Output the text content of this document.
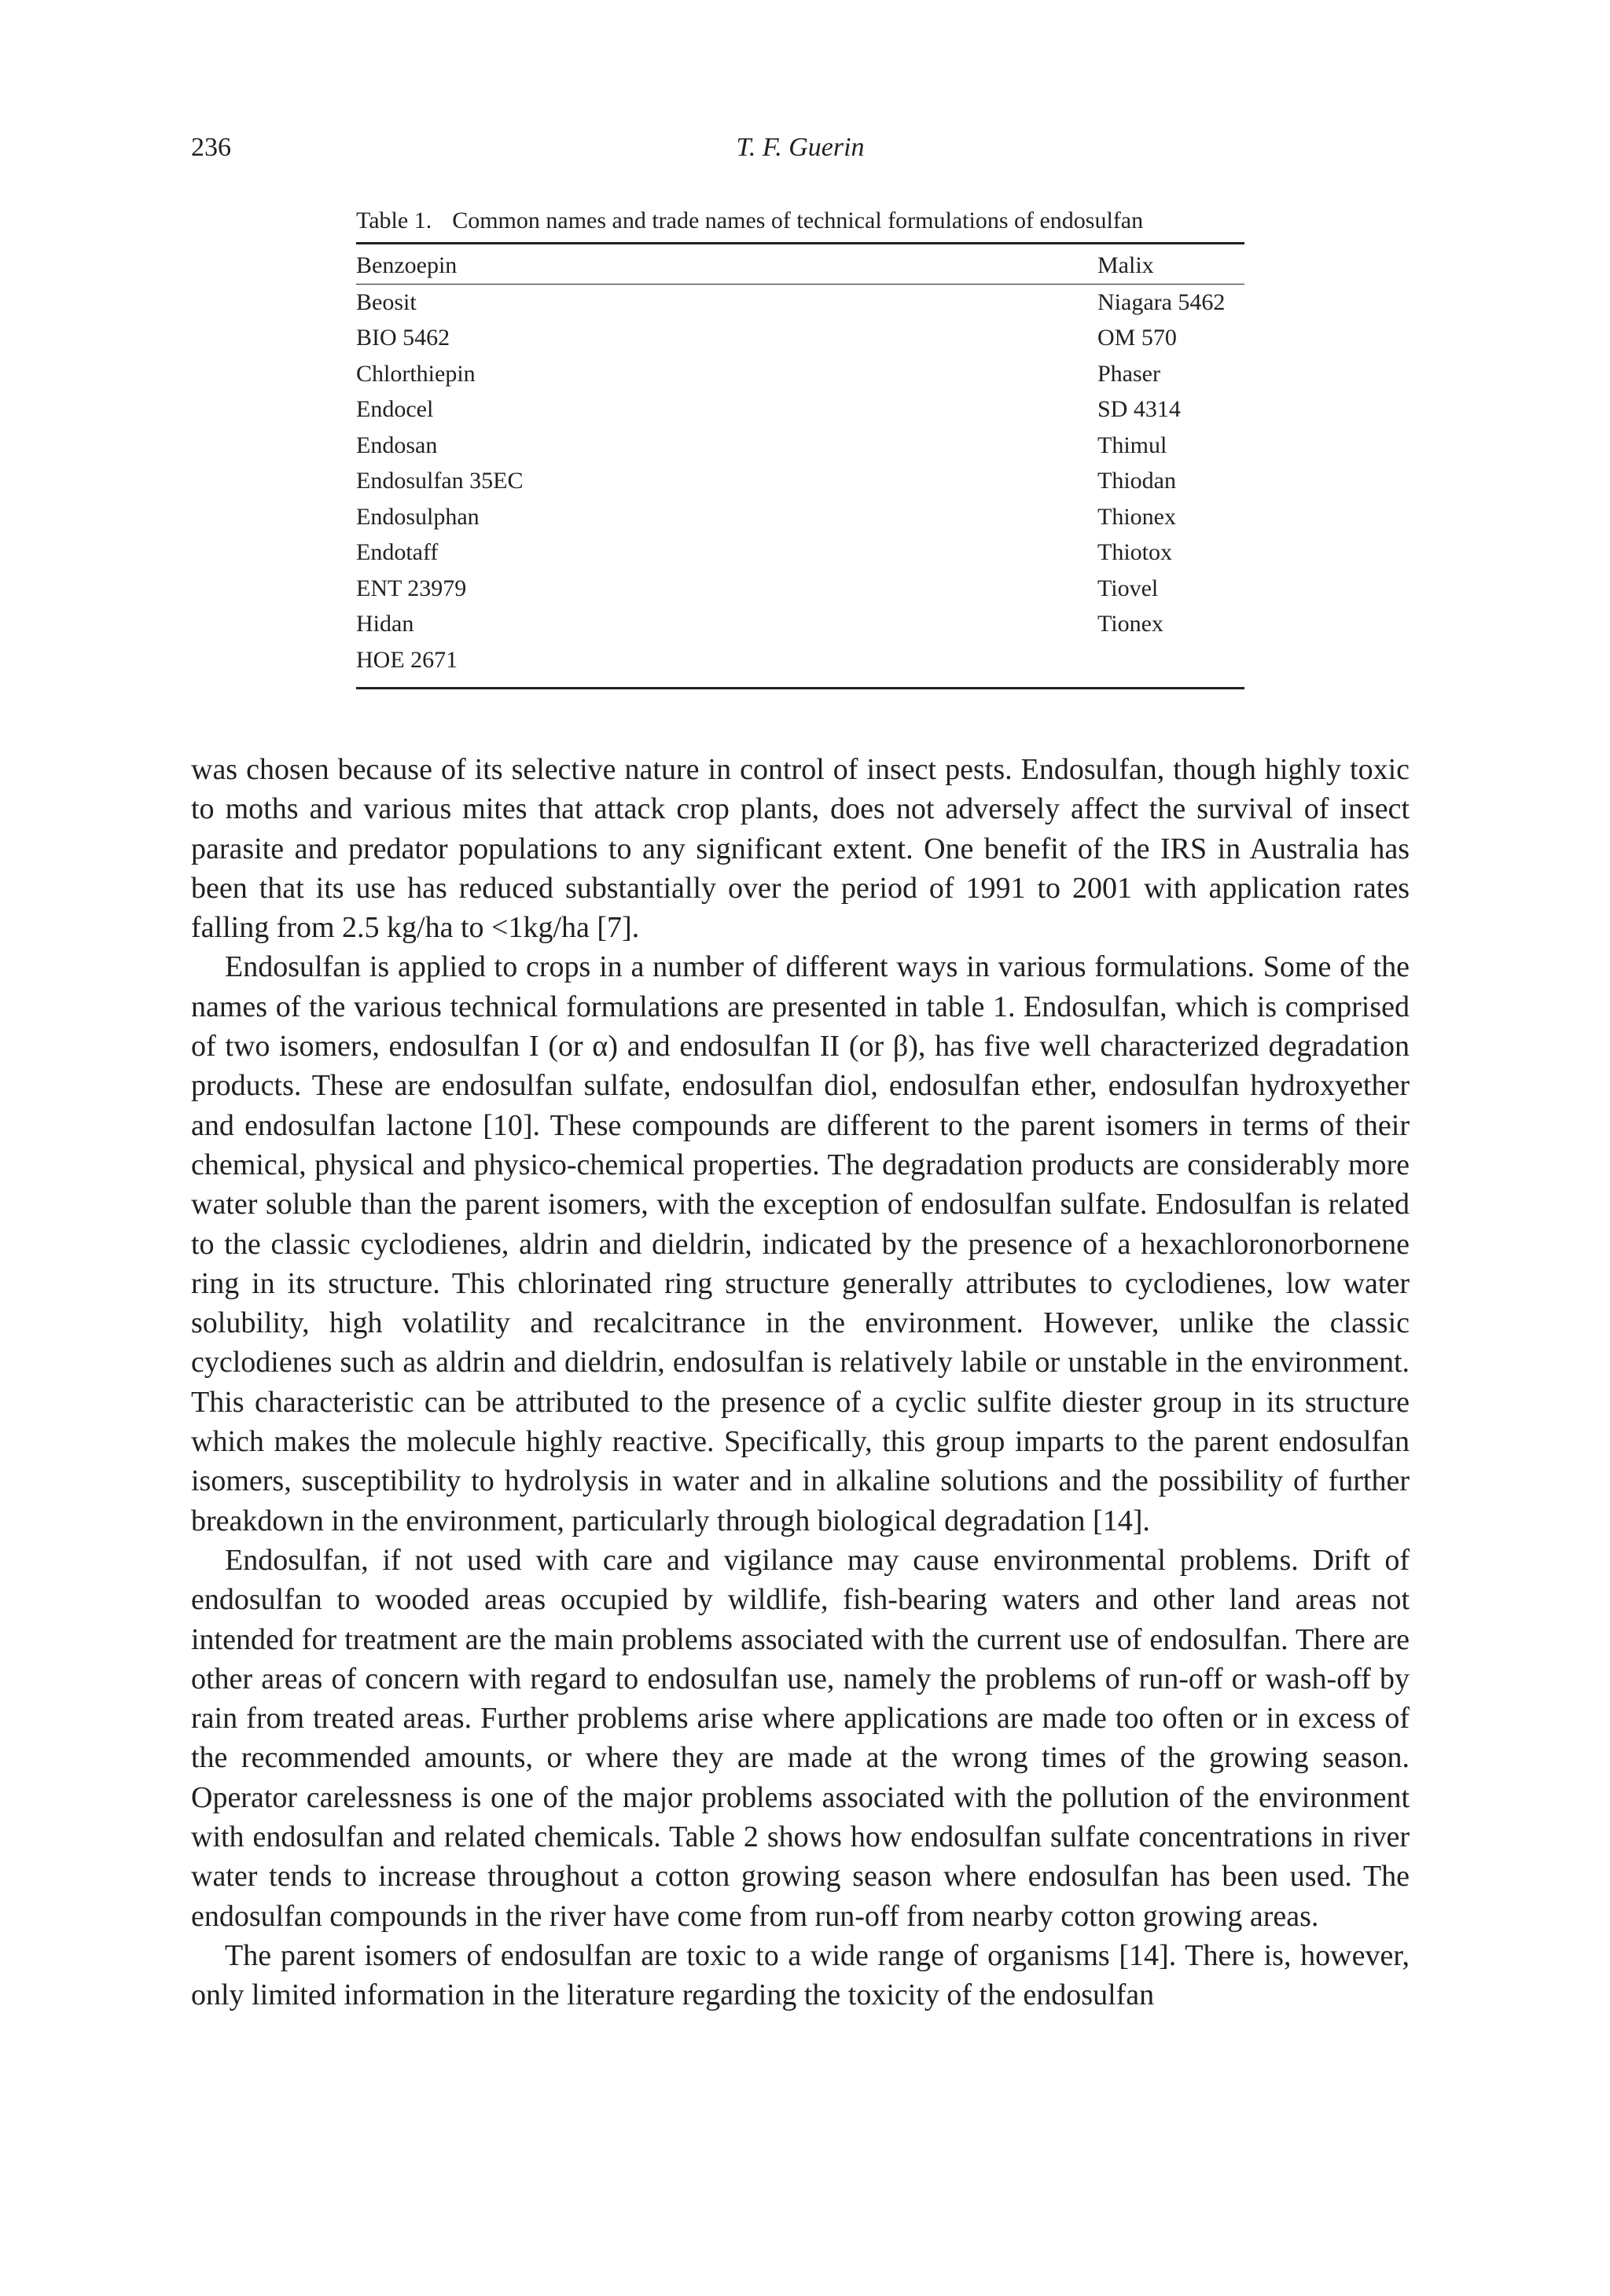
236	T. F. Guerin
Table 1. Common names and trade names of technical formulations of endosulfan
Benzoepin	Malix
Beosit	Niagara 5462
BIO 5462	OM 570
Chlorthiepin	Phaser
Endocel	SD 4314
Endosan	Thimul
Endosulfan 35EC	Thiodan
Endosulphan	Thionex
Endotaff	Thiotox
ENT 23979	Tiovel
Hidan	Tionex
HOE 2671

was chosen because of its selective nature in control of insect pests. Endosulfan, though highly toxic to moths and various mites that attack crop plants, does not adversely affect the survival of insect parasite and predator populations to any significant extent. One benefit of the IRS in Australia has been that its use has reduced substantially over the period of 1991 to 2001 with application rates falling from 2.5 kg/ha to <1kg/ha [7].

Endosulfan is applied to crops in a number of different ways in various formulations. Some of the names of the various technical formulations are presented in table 1. Endosulfan, which is comprised of two isomers, endosulfan I (or α) and endosulfan II (or β), has five well characterized degradation products. These are endosulfan sulfate, endosulfan diol, endosulfan ether, endosulfan hydroxyether and endosulfan lactone [10]. These compounds are different to the parent isomers in terms of their chemical, physical and physico-chemical properties. The degradation products are considerably more water soluble than the parent isomers, with the exception of endosulfan sulfate. Endosulfan is related to the classic cyclodienes, aldrin and dieldrin, indicated by the presence of a hexachloronorbornene ring in its structure. This chlorinated ring structure generally attributes to cyclodienes, low water solubility, high volatility and recalcitrance in the environment. However, unlike the classic cyclodienes such as aldrin and dieldrin, endosulfan is relatively labile or unstable in the environment. This characteristic can be attributed to the presence of a cyclic sulfite diester group in its structure which makes the molecule highly reactive. Specifically, this group imparts to the parent endosulfan isomers, susceptibility to hydrolysis in water and in alkaline solutions and the possibility of further breakdown in the environment, particularly through biological degradation [14].

Endosulfan, if not used with care and vigilance may cause environmental problems. Drift of endosulfan to wooded areas occupied by wildlife, fish-bearing waters and other land areas not intended for treatment are the main problems associated with the current use of endosulfan. There are other areas of concern with regard to endosulfan use, namely the problems of run-off or wash-off by rain from treated areas. Further problems arise where applications are made too often or in excess of the recommended amounts, or where they are made at the wrong times of the growing season. Operator carelessness is one of the major problems associated with the pollution of the environment with endosulfan and related chemicals. Table 2 shows how endosulfan sulfate concentrations in river water tends to increase throughout a cotton growing season where endosulfan has been used. The endosulfan compounds in the river have come from run-off from nearby cotton growing areas.

The parent isomers of endosulfan are toxic to a wide range of organisms [14]. There is, however, only limited information in the literature regarding the toxicity of the endosulfan
